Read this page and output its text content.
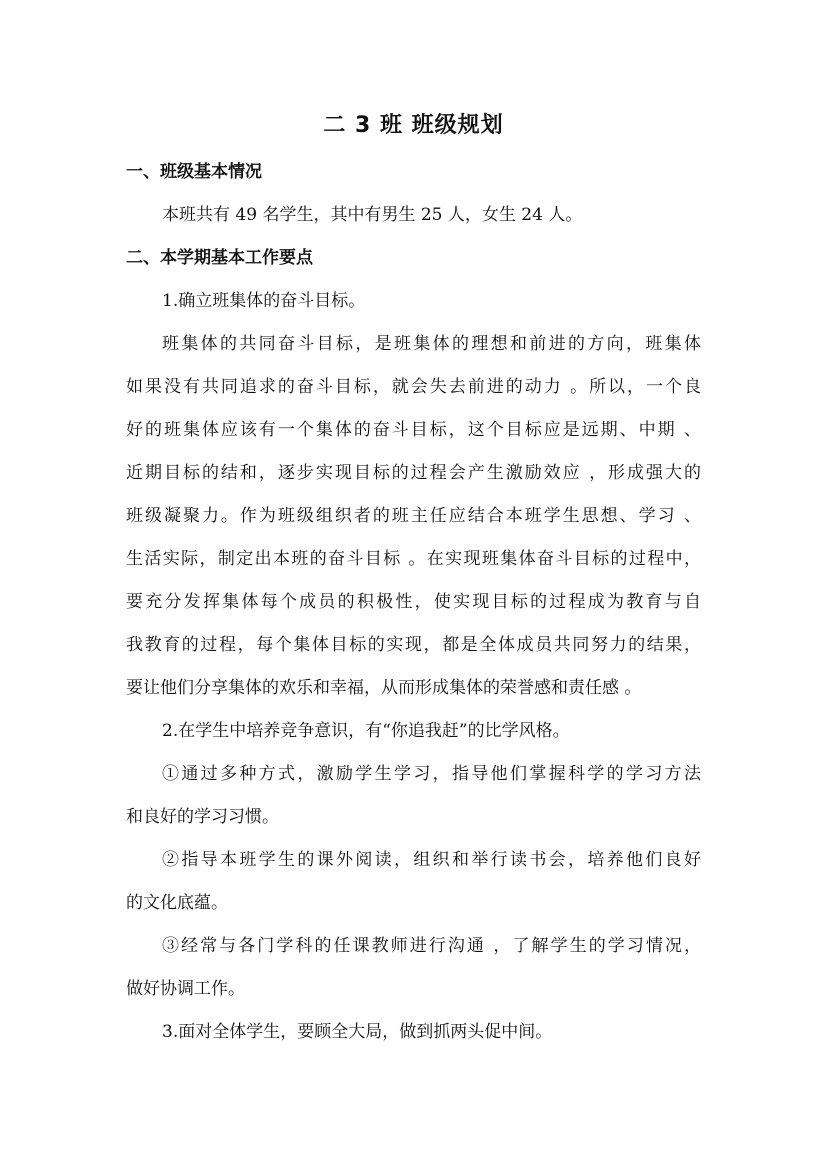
二 3 班 班级规划
一、班级基本情况
本班共有 49 名学生，其中有男生 25 人，女生 24 人。
二、本学期基本工作要点
1.确立班集体的奋斗目标。
班集体的共同奋斗目标，是班集体的理想和前进的方向，班集体
如果没有共同追求的奋斗目标，就会失去前进的动力 。所以，一个良
好的班集体应该有一个集体的奋斗目标，这个目标应是远期、中期 、
近期目标的结和，逐步实现目标的过程会产生激励效应 ，形成强大的
班级凝聚力。作为班级组织者的班主任应结合本班学生思想、学习 、
生活实际，制定出本班的奋斗目标 。在实现班集体奋斗目标的过程中，
要充分发挥集体每个成员的积极性，使实现目标的过程成为教育与自
我教育的过程，每个集体目标的实现，都是全体成员共同努力的结果，
要让他们分享集体的欢乐和幸福，从而形成集体的荣誉感和责任感 。
2.在学生中培养竞争意识，有“你追我赶”的比学风格。
①通过多种方式，激励学生学习，指导他们掌握科学的学习方法
和良好的学习习惯。
②指导本班学生的课外阅读，组织和举行读书会，培养他们良好
的文化底蕴。
③经常与各门学科的任课教师进行沟通 ，了解学生的学习情况，
做好协调工作。
3.面对全体学生，要顾全大局，做到抓两头促中间。
